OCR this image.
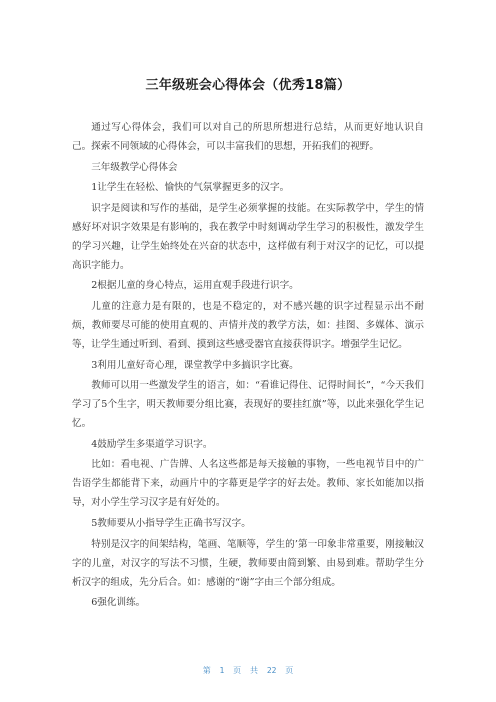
三年级班会心得体会（优秀18篇）

通过写心得体会，我们可以对自己的所思所想进行总结，从而更好地认识自己。探索不同领域的心得体会，可以丰富我们的思想，开拓我们的视野。

三年级教学心得体会

1让学生在轻松、愉快的气氛掌握更多的汉字。

识字是阅读和写作的基础，是学生必须掌握的技能。在实际教学中，学生的情感好坏对识字效果是有影响的，我在教学中时刻调动学生学习的积极性，激发学生的学习兴趣，让学生始终处在兴奋的状态中，这样做有利于对汉字的记忆，可以提高识字能力。

2根据儿童的身心特点，运用直观手段进行识字。

儿童的注意力是有限的，也是不稳定的，对不感兴趣的识字过程显示出不耐烦，教师要尽可能的使用直观的、声情并茂的教学方法，如：挂图、多媒体、演示等，让学生通过听到、看到、摸到这些感受器官直接获得识字。增强学生记忆。

3利用儿童好奇心理，课堂教学中多搞识字比赛。

教师可以用一些激发学生的语言，如：“看谁记得住、记得时间长”，“今天我们学习了5个生字，明天教师要分组比赛，表现好的要挂红旗”等，以此来强化学生记忆。

4鼓励学生多渠道学习识字。

比如：看电视、广告牌、人名这些都是每天接触的事物，一些电视节目中的广告语学生都能背下来，动画片中的字幕更是学字的好去处。教师、家长如能加以指导，对小学生学习汉字是有好处的。

5教师要从小指导学生正确书写汉字。

特别是汉字的间架结构，笔画、笔顺等，学生的’第一印象非常重要，刚接触汉字的儿童，对汉字的写法不习惯，生硬，教师要由简到繁、由易到难。帮助学生分析汉字的组成，先分后合。如：感谢的“谢”字由三个部分组成。

6强化训练。

第 1 页 共 22 页
